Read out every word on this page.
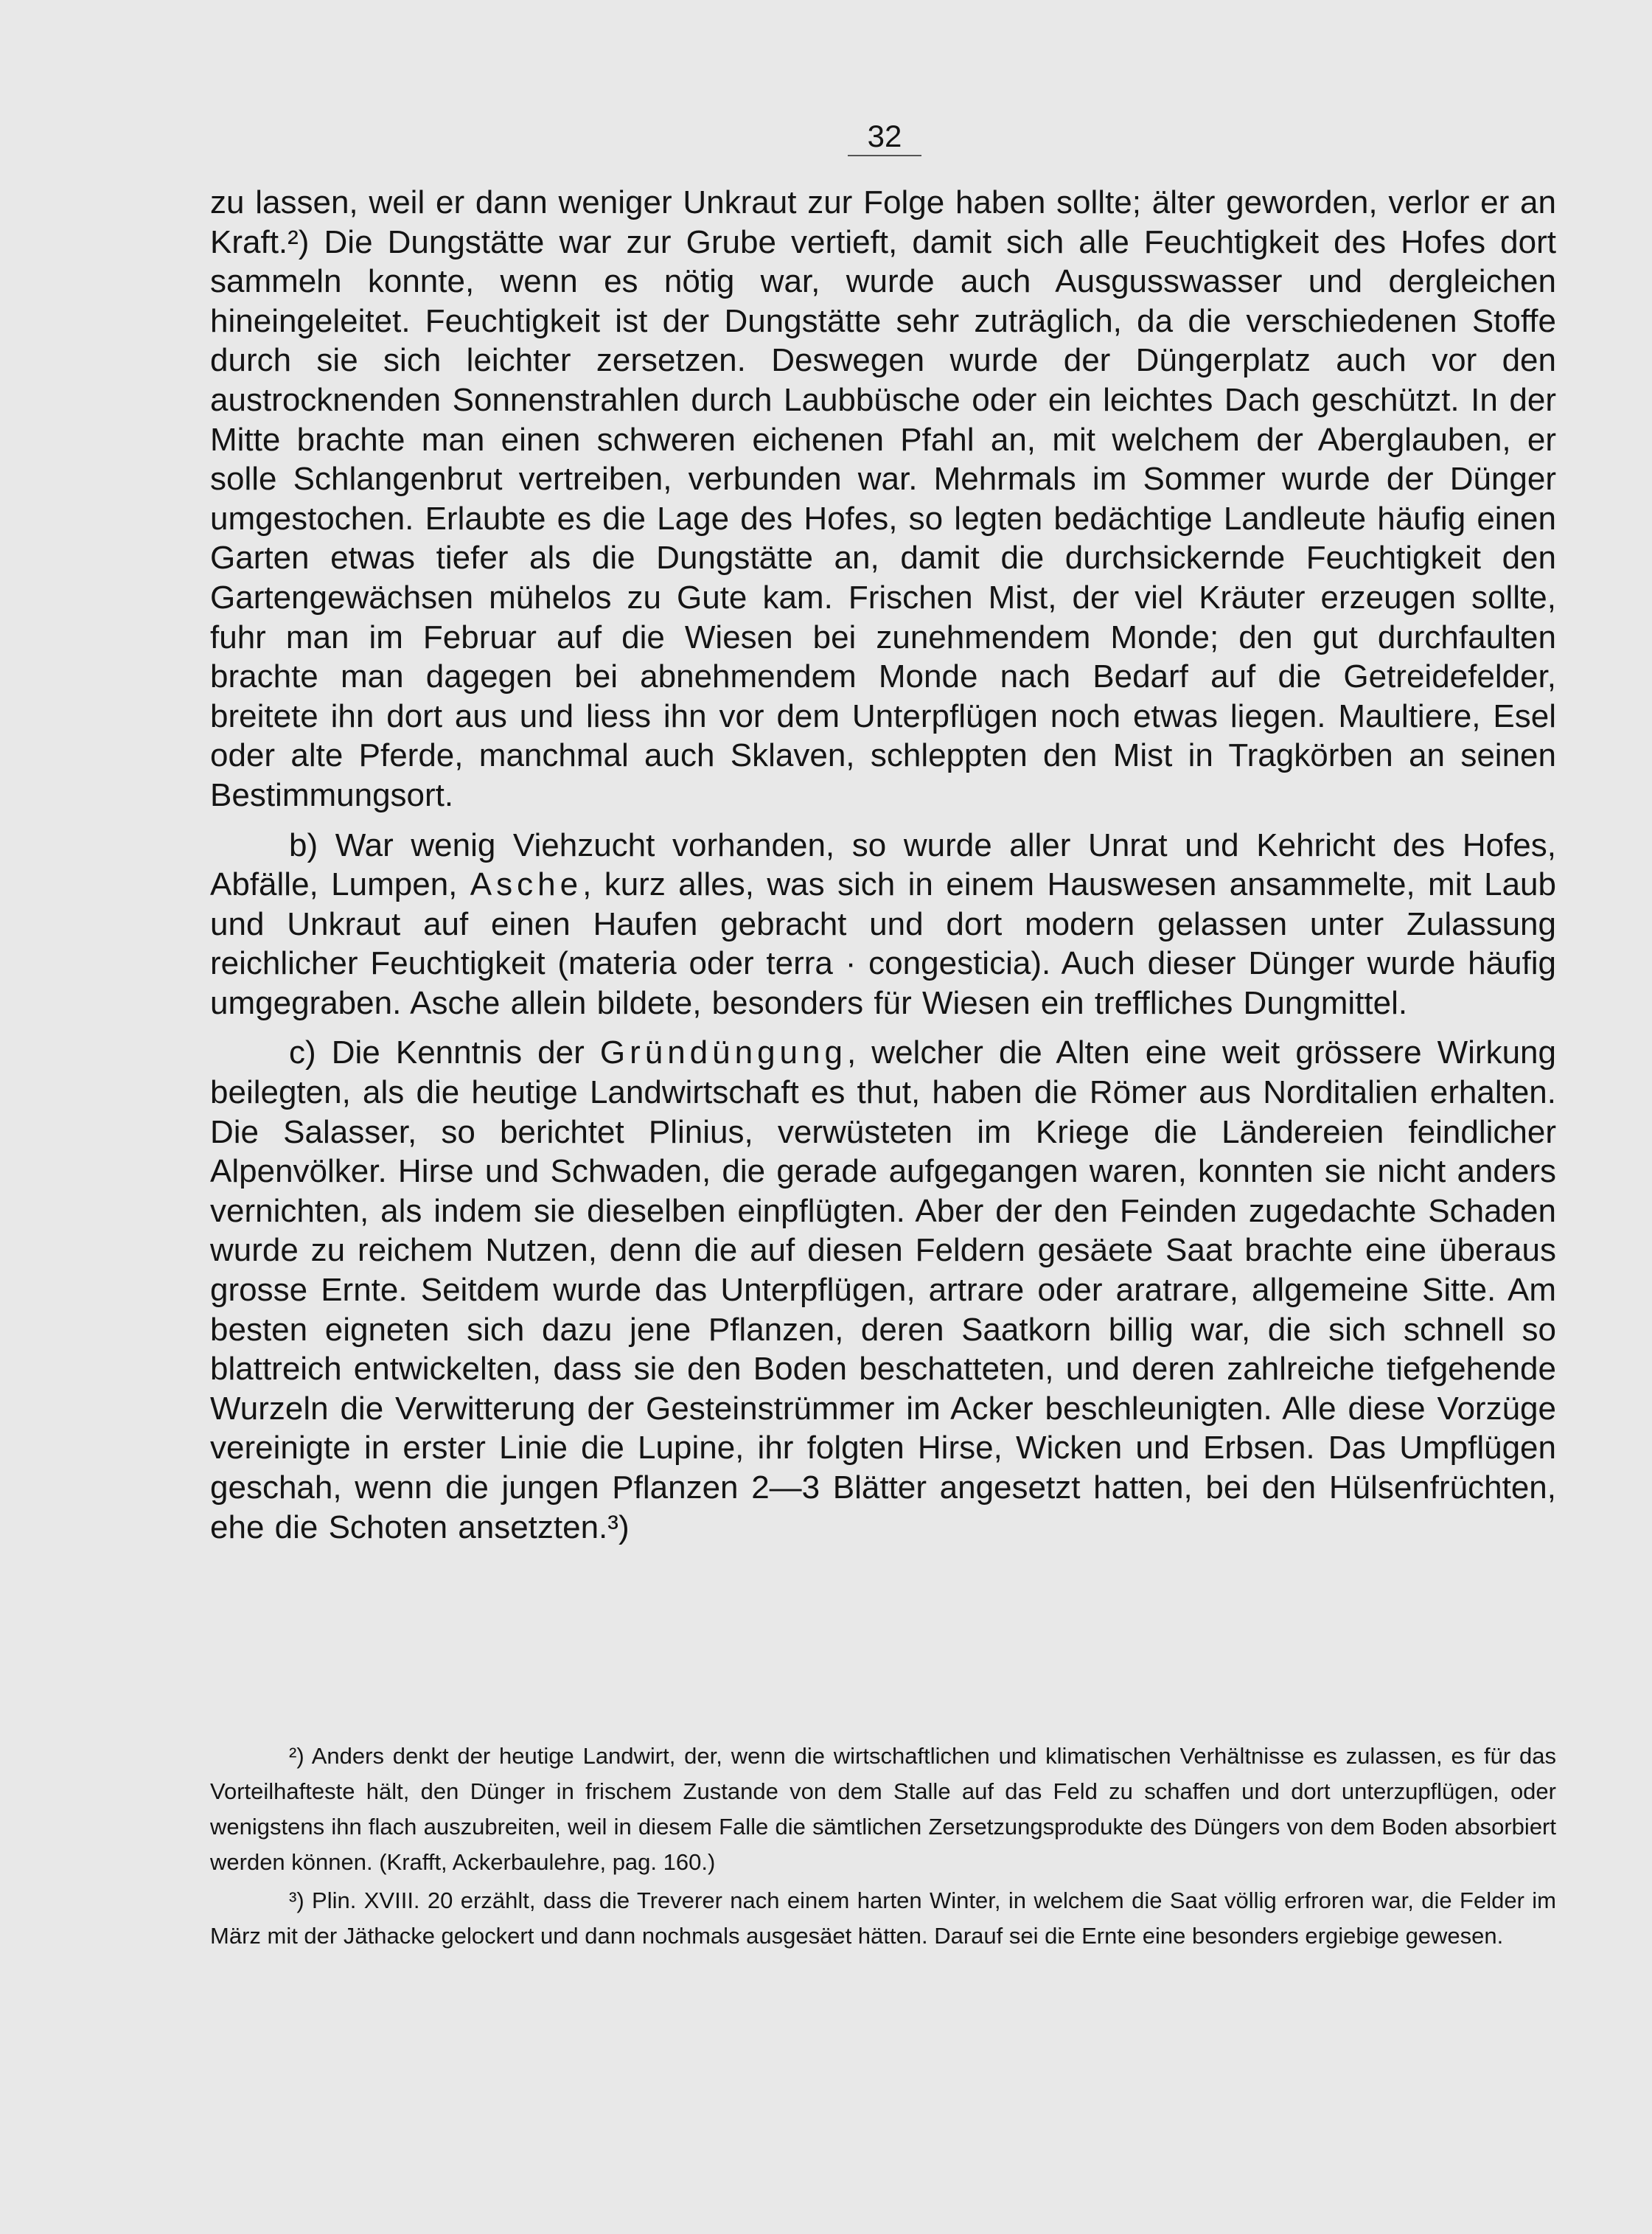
32

zu lassen, weil er dann weniger Unkraut zur Folge haben sollte; älter geworden, verlor er an Kraft.²) Die Dungstätte war zur Grube vertieft, damit sich alle Feuchtigkeit des Hofes dort sammeln konnte, wenn es nötig war, wurde auch Ausgusswasser und dergleichen hineingeleitet. Feuchtigkeit ist der Dungstätte sehr zuträglich, da die verschiedenen Stoffe durch sie sich leichter zersetzen. Deswegen wurde der Düngerplatz auch vor den austrocknenden Sonnenstrahlen durch Laubbüsche oder ein leichtes Dach geschützt. In der Mitte brachte man einen schweren eichenen Pfahl an, mit welchem der Aberglauben, er solle Schlangenbrut vertreiben, verbunden war. Mehrmals im Sommer wurde der Dünger umgestochen. Erlaubte es die Lage des Hofes, so legten bedächtige Landleute häufig einen Garten etwas tiefer als die Dungstätte an, damit die durchsickernde Feuchtigkeit den Gartengewächsen mühelos zu Gute kam. Frischen Mist, der viel Kräuter erzeugen sollte, fuhr man im Februar auf die Wiesen bei zunehmendem Monde; den gut durchfaulten brachte man dagegen bei abnehmendem Monde nach Bedarf auf die Getreidefelder, breitete ihn dort aus und liess ihn vor dem Unterpflügen noch etwas liegen. Maultiere, Esel oder alte Pferde, manchmal auch Sklaven, schleppten den Mist in Tragkörben an seinen Bestimmungsort.

b) War wenig Viehzucht vorhanden, so wurde aller Unrat und Kehricht des Hofes, Abfälle, Lumpen, Asche, kurz alles, was sich in einem Hauswesen ansammelte, mit Laub und Unkraut auf einen Haufen gebracht und dort modern gelassen unter Zulassung reichlicher Feuchtigkeit (materia oder terra · congesticia). Auch dieser Dünger wurde häufig umgegraben. Asche allein bildete, besonders für Wiesen ein treffliches Dungmittel.

c) Die Kenntnis der Gründüngung, welcher die Alten eine weit grössere Wirkung beilegten, als die heutige Landwirtschaft es thut, haben die Römer aus Norditalien erhalten. Die Salasser, so berichtet Plinius, verwüsteten im Kriege die Ländereien feindlicher Alpenvölker. Hirse und Schwaden, die gerade aufgegangen waren, konnten sie nicht anders vernichten, als indem sie dieselben einpflügten. Aber der den Feinden zugedachte Schaden wurde zu reichem Nutzen, denn die auf diesen Feldern gesäete Saat brachte eine überaus grosse Ernte. Seitdem wurde das Unterpflügen, artrare oder aratrare, allgemeine Sitte. Am besten eigneten sich dazu jene Pflanzen, deren Saatkorn billig war, die sich schnell so blattreich entwickelten, dass sie den Boden beschatteten, und deren zahlreiche tiefgehende Wurzeln die Verwitterung der Gesteinstrümmer im Acker beschleunigten. Alle diese Vorzüge vereinigte in erster Linie die Lupine, ihr folgten Hirse, Wicken und Erbsen. Das Umpflügen geschah, wenn die jungen Pflanzen 2—3 Blätter angesetzt hatten, bei den Hülsenfrüchten, ehe die Schoten ansetzten.³)

²) Anders denkt der heutige Landwirt, der, wenn die wirtschaftlichen und klimatischen Verhältnisse es zulassen, es für das Vorteilhafteste hält, den Dünger in frischem Zustande von dem Stalle auf das Feld zu schaffen und dort unterzupflügen, oder wenigstens ihn flach auszubreiten, weil in diesem Falle die sämtlichen Zersetzungsprodukte des Düngers von dem Boden absorbiert werden können. (Krafft, Ackerbaulehre, pag. 160.)

³) Plin. XVIII. 20 erzählt, dass die Treverer nach einem harten Winter, in welchem die Saat völlig erfroren war, die Felder im März mit der Jäthacke gelockert und dann nochmals ausgesäet hätten. Darauf sei die Ernte eine besonders ergiebige gewesen.
